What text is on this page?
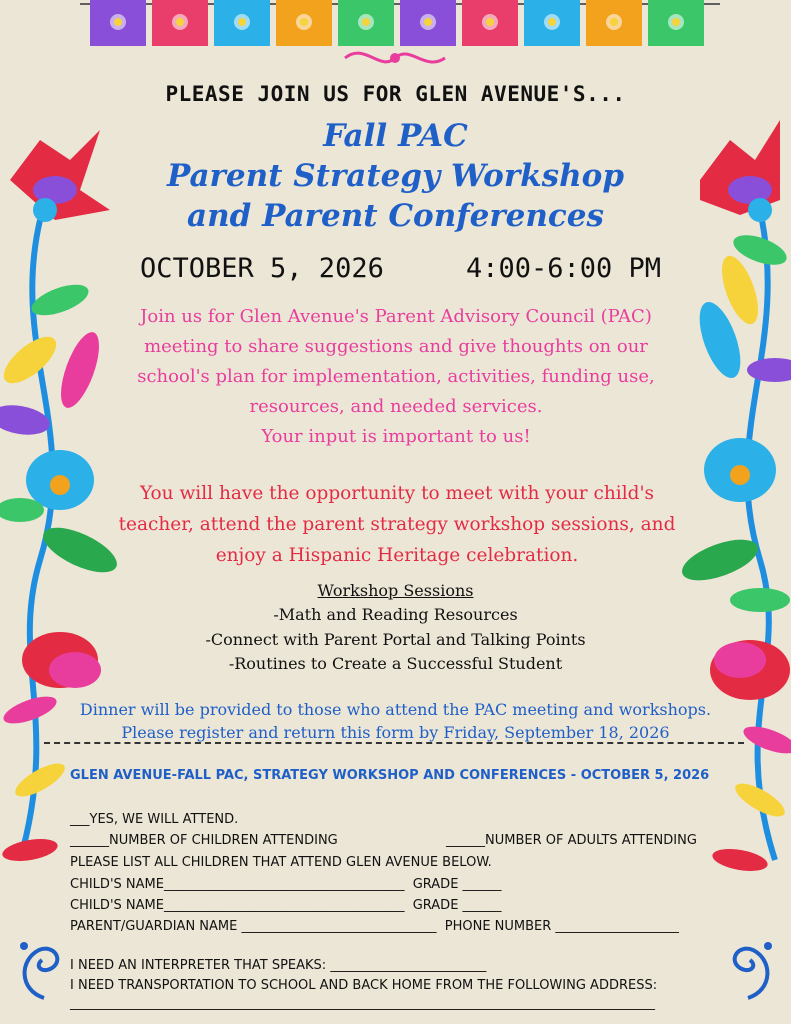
PLEASE JOIN US FOR GLEN AVENUE'S...
Fall PAC
Parent Strategy Workshop
and Parent Conferences
OCTOBER 5, 2026	4:00-6:00 PM
Join us for Glen Avenue's Parent Advisory Council (PAC)
meeting to share suggestions and give thoughts on our
school's plan for implementation, activities, funding use,
resources, and needed services.
Your input is important to us!
You will have the opportunity to meet with your child's
teacher, attend the parent strategy workshop sessions, and
enjoy a Hispanic Heritage celebration.
Workshop Sessions
-Math and Reading Resources
-Connect with Parent Portal and Talking Points
-Routines to Create a Successful Student
Dinner will be provided to those who attend the PAC meeting and workshops.
Please register and return this form by Friday, September 18, 2026
GLEN AVENUE-FALL PAC, STRATEGY WORKSHOP AND CONFERENCES - OCTOBER 5, 2026
___YES, WE WILL ATTEND.
______NUMBER OF CHILDREN ATTENDING	______NUMBER OF ADULTS ATTENDING
PLEASE LIST ALL CHILDREN THAT ATTEND GLEN AVENUE BELOW.
CHILD'S NAME_____________________________________  GRADE ______
CHILD'S NAME_____________________________________  GRADE ______
PARENT/GUARDIAN NAME ______________________________  PHONE NUMBER ___________________
I NEED AN INTERPRETER THAT SPEAKS: ________________________
I NEED TRANSPORTATION TO SCHOOL AND BACK HOME FROM THE FOLLOWING ADDRESS:
__________________________________________________________________________________________
